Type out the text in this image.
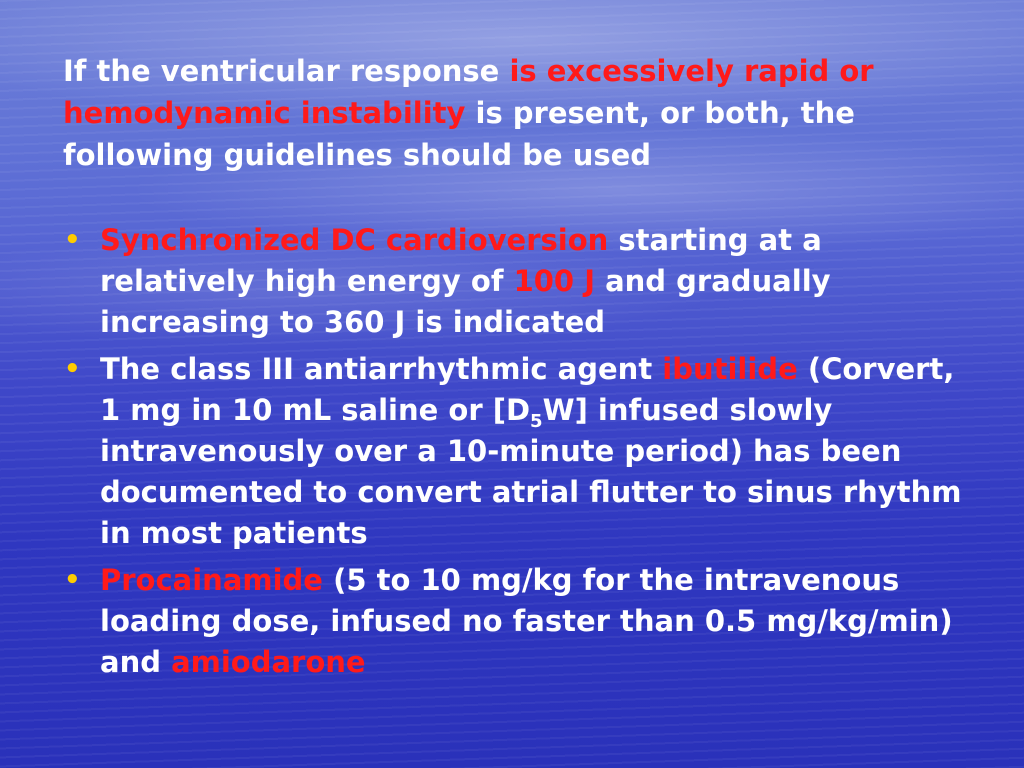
If the ventricular response is excessively rapid or hemodynamic instability is present, or both, the following guidelines should be used
• Synchronized DC cardioversion starting at a relatively high energy of 100 J and gradually increasing to 360 J is indicated
• The class III antiarrhythmic agent ibutilide (Corvert, 1 mg in 10 mL saline or $[D_5W]$ infused slowly intravenously over a 10-minute period) has been documented to convert atrial flutter to sinus rhythm in most patients
• Procainamide (5 to 10 mg/kg for the intravenous loading dose, infused no faster than 0.5 mg/kg/min) and amiodarone
